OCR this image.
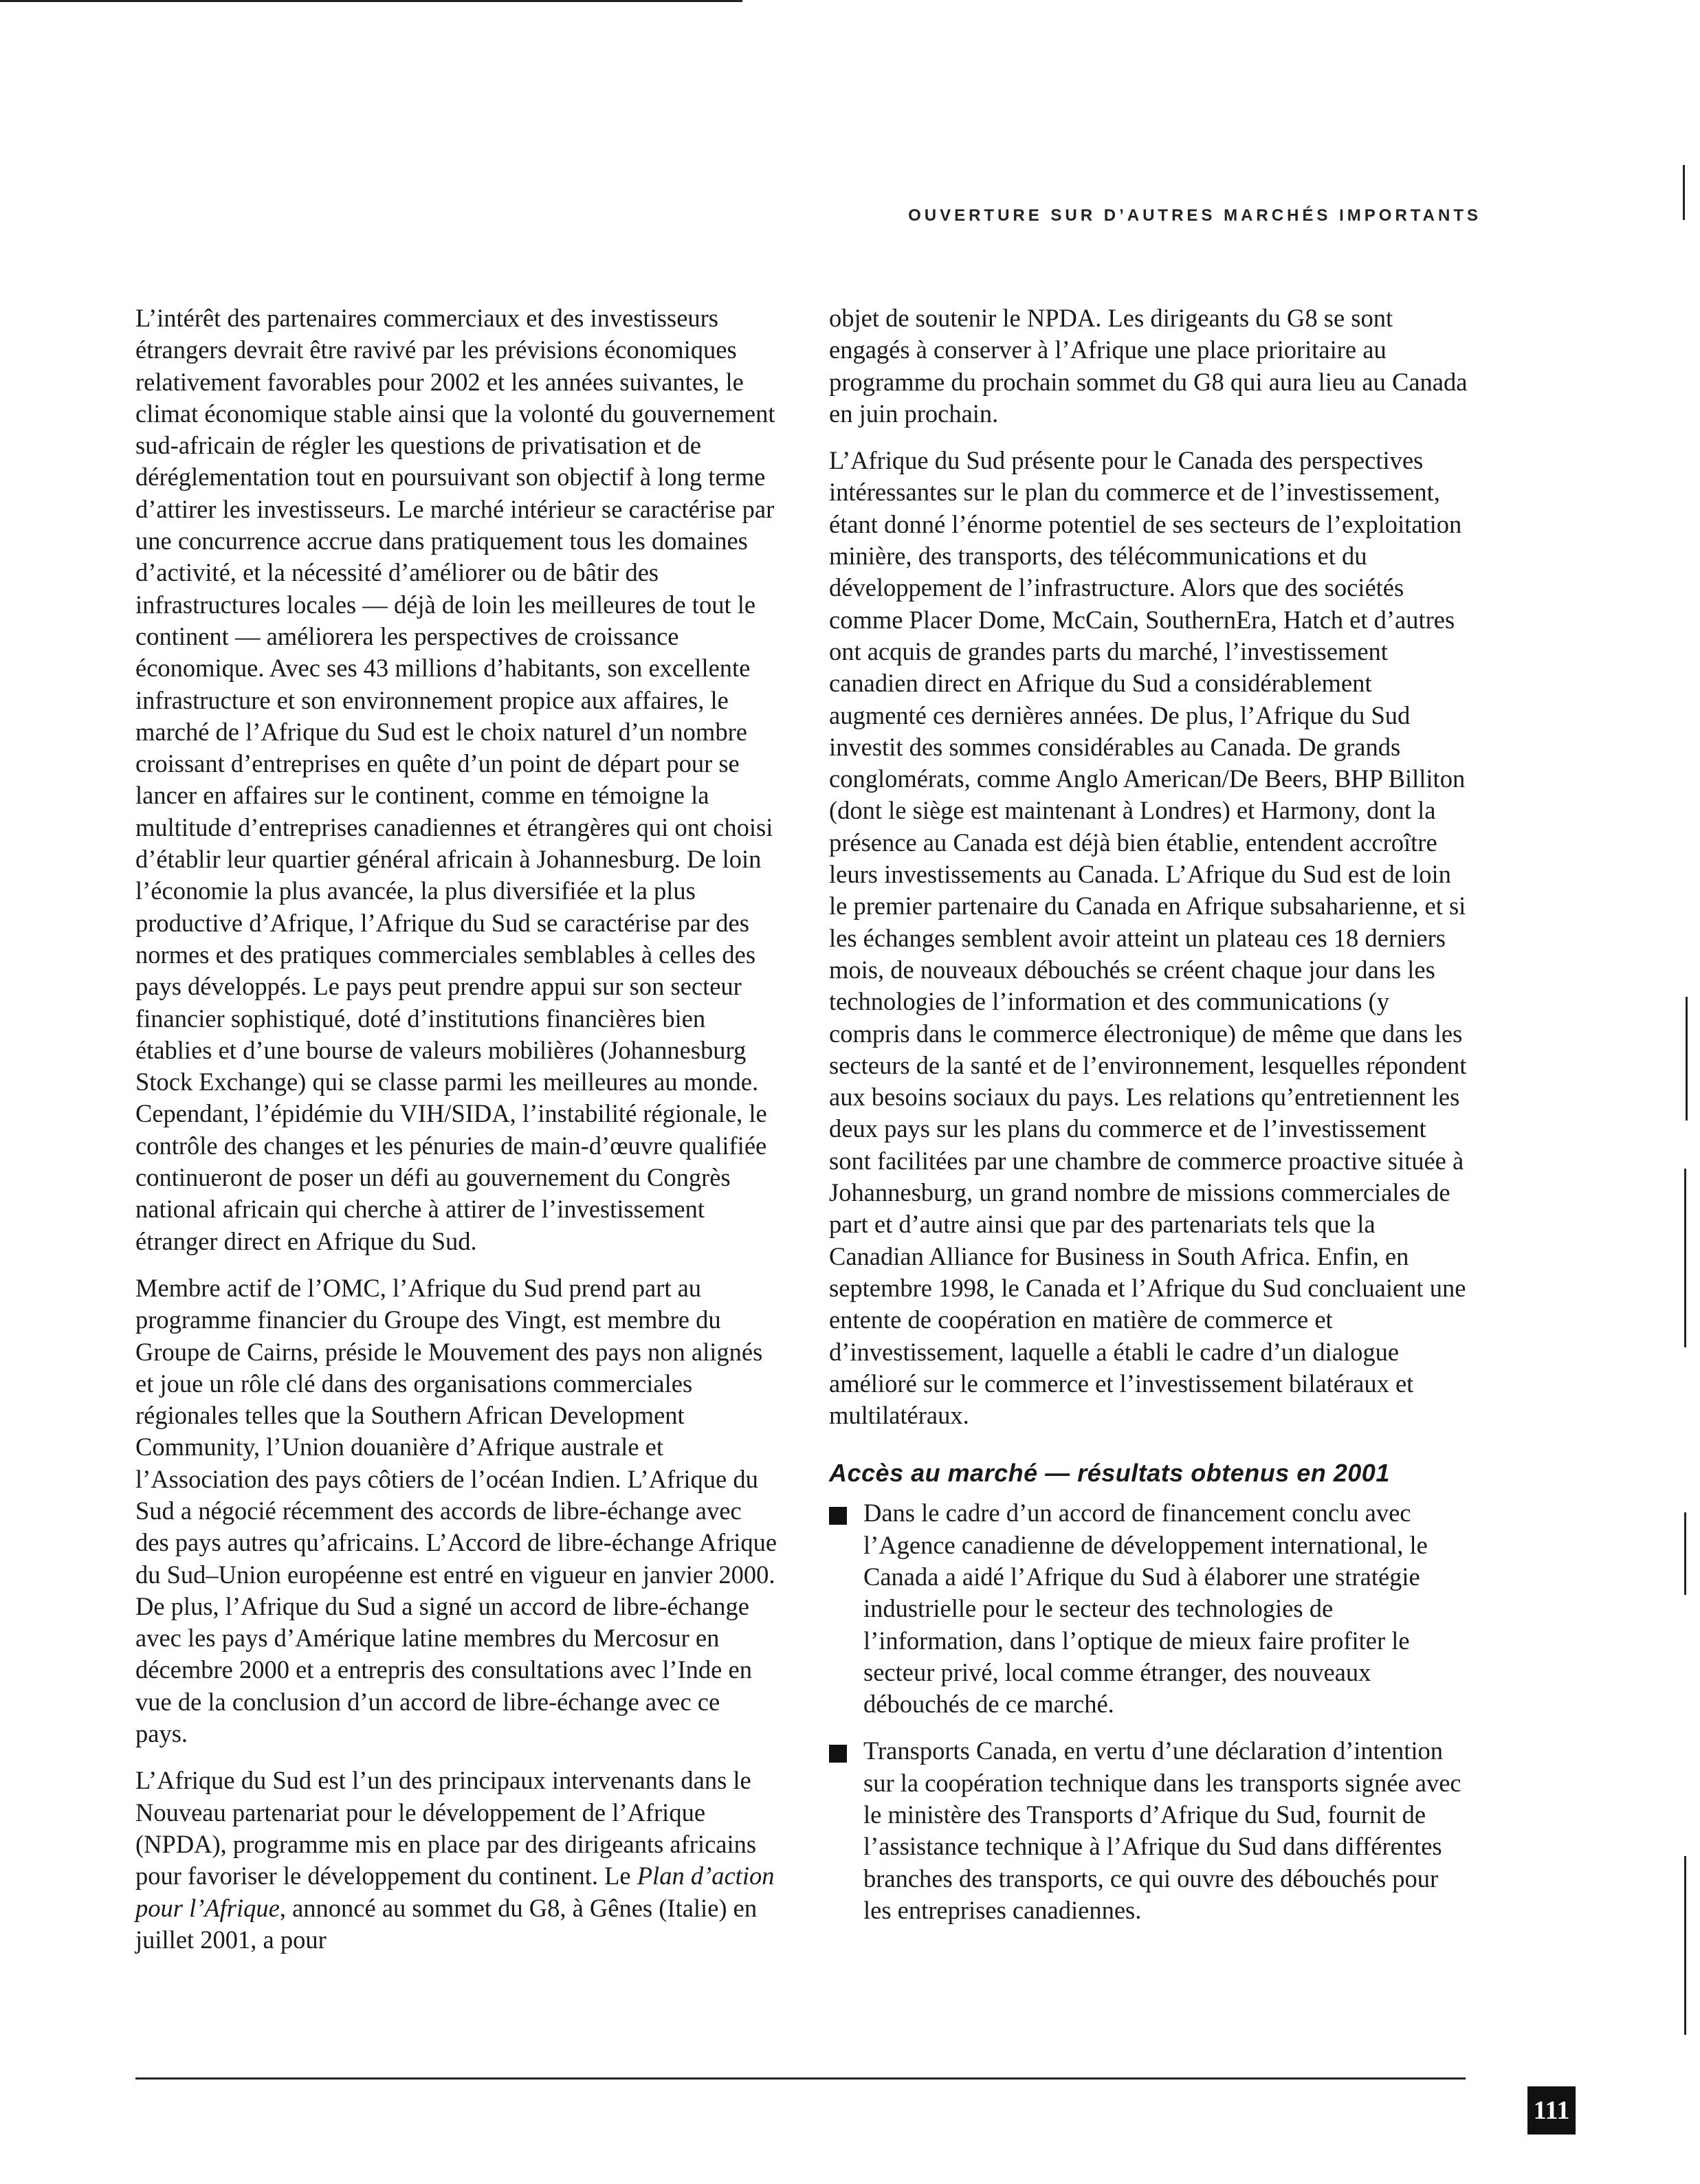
OUVERTURE SUR D’AUTRES MARCHÉS IMPORTANTS

L’intérêt des partenaires commerciaux et des investisseurs étrangers devrait être ravivé par les prévisions économiques relativement favorables pour 2002 et les années suivantes, le climat économique stable ainsi que la volonté du gouvernement sud-africain de régler les questions de privatisation et de déréglementation tout en poursuivant son objectif à long terme d’attirer les investisseurs. Le marché intérieur se caractérise par une concurrence accrue dans pratiquement tous les domaines d’activité, et la nécessité d’améliorer ou de bâtir des infrastructures locales — déjà de loin les meilleures de tout le continent — améliorera les perspectives de croissance économique. Avec ses 43 millions d’habitants, son excellente infrastructure et son environnement propice aux affaires, le marché de l’Afrique du Sud est le choix naturel d’un nombre croissant d’entreprises en quête d’un point de départ pour se lancer en affaires sur le continent, comme en témoigne la multitude d’entreprises canadiennes et étrangères qui ont choisi d’établir leur quartier général africain à Johannesburg. De loin l’économie la plus avancée, la plus diversifiée et la plus productive d’Afrique, l’Afrique du Sud se caractérise par des normes et des pratiques commerciales semblables à celles des pays développés. Le pays peut prendre appui sur son secteur financier sophistiqué, doté d’institutions financières bien établies et d’une bourse de valeurs mobilières (Johannesburg Stock Exchange) qui se classe parmi les meilleures au monde. Cependant, l’épidémie du VIH/SIDA, l’instabilité régionale, le contrôle des changes et les pénuries de main-d’œuvre qualifiée continueront de poser un défi au gouvernement du Congrès national africain qui cherche à attirer de l’investissement étranger direct en Afrique du Sud.

Membre actif de l’OMC, l’Afrique du Sud prend part au programme financier du Groupe des Vingt, est membre du Groupe de Cairns, préside le Mouvement des pays non alignés et joue un rôle clé dans des organisations commerciales régionales telles que la Southern African Development Community, l’Union douanière d’Afrique australe et l’Association des pays côtiers de l’océan Indien. L’Afrique du Sud a négocié récemment des accords de libre-échange avec des pays autres qu’africains. L’Accord de libre-échange Afrique du Sud–Union européenne est entré en vigueur en janvier 2000. De plus, l’Afrique du Sud a signé un accord de libre-échange avec les pays d’Amérique latine membres du Mercosur en décembre 2000 et a entrepris des consultations avec l’Inde en vue de la conclusion d’un accord de libre-échange avec ce pays.

L’Afrique du Sud est l’un des principaux intervenants dans le Nouveau partenariat pour le développement de l’Afrique (NPDA), programme mis en place par des dirigeants africains pour favoriser le développement du continent. Le Plan d’action pour l’Afrique, annoncé au sommet du G8, à Gênes (Italie) en juillet 2001, a pour

objet de soutenir le NPDA. Les dirigeants du G8 se sont engagés à conserver à l’Afrique une place prioritaire au programme du prochain sommet du G8 qui aura lieu au Canada en juin prochain.

L’Afrique du Sud présente pour le Canada des perspectives intéressantes sur le plan du commerce et de l’investissement, étant donné l’énorme potentiel de ses secteurs de l’exploitation minière, des transports, des télécommunications et du développement de l’infrastructure. Alors que des sociétés comme Placer Dome, McCain, SouthernEra, Hatch et d’autres ont acquis de grandes parts du marché, l’investissement canadien direct en Afrique du Sud a considérablement augmenté ces dernières années. De plus, l’Afrique du Sud investit des sommes considérables au Canada. De grands conglomérats, comme Anglo American/De Beers, BHP Billiton (dont le siège est maintenant à Londres) et Harmony, dont la présence au Canada est déjà bien établie, entendent accroître leurs investissements au Canada. L’Afrique du Sud est de loin le premier partenaire du Canada en Afrique subsaharienne, et si les échanges semblent avoir atteint un plateau ces 18 derniers mois, de nouveaux débouchés se créent chaque jour dans les technologies de l’information et des communications (y compris dans le commerce électronique) de même que dans les secteurs de la santé et de l’environnement, lesquelles répondent aux besoins sociaux du pays. Les relations qu’entretiennent les deux pays sur les plans du commerce et de l’investissement sont facilitées par une chambre de commerce proactive située à Johannesburg, un grand nombre de missions commerciales de part et d’autre ainsi que par des partenariats tels que la Canadian Alliance for Business in South Africa. Enfin, en septembre 1998, le Canada et l’Afrique du Sud concluaient une entente de coopération en matière de commerce et d’investissement, laquelle a établi le cadre d’un dialogue amélioré sur le commerce et l’investissement bilatéraux et multilatéraux.

Accès au marché — résultats obtenus en 2001
Dans le cadre d’un accord de financement conclu avec l’Agence canadienne de développement international, le Canada a aidé l’Afrique du Sud à élaborer une stratégie industrielle pour le secteur des technologies de l’information, dans l’optique de mieux faire profiter le secteur privé, local comme étranger, des nouveaux débouchés de ce marché.
Transports Canada, en vertu d’une déclaration d’intention sur la coopération technique dans les transports signée avec le ministère des Transports d’Afrique du Sud, fournit de l’assistance technique à l’Afrique du Sud dans différentes branches des transports, ce qui ouvre des débouchés pour les entreprises canadiennes.
111
